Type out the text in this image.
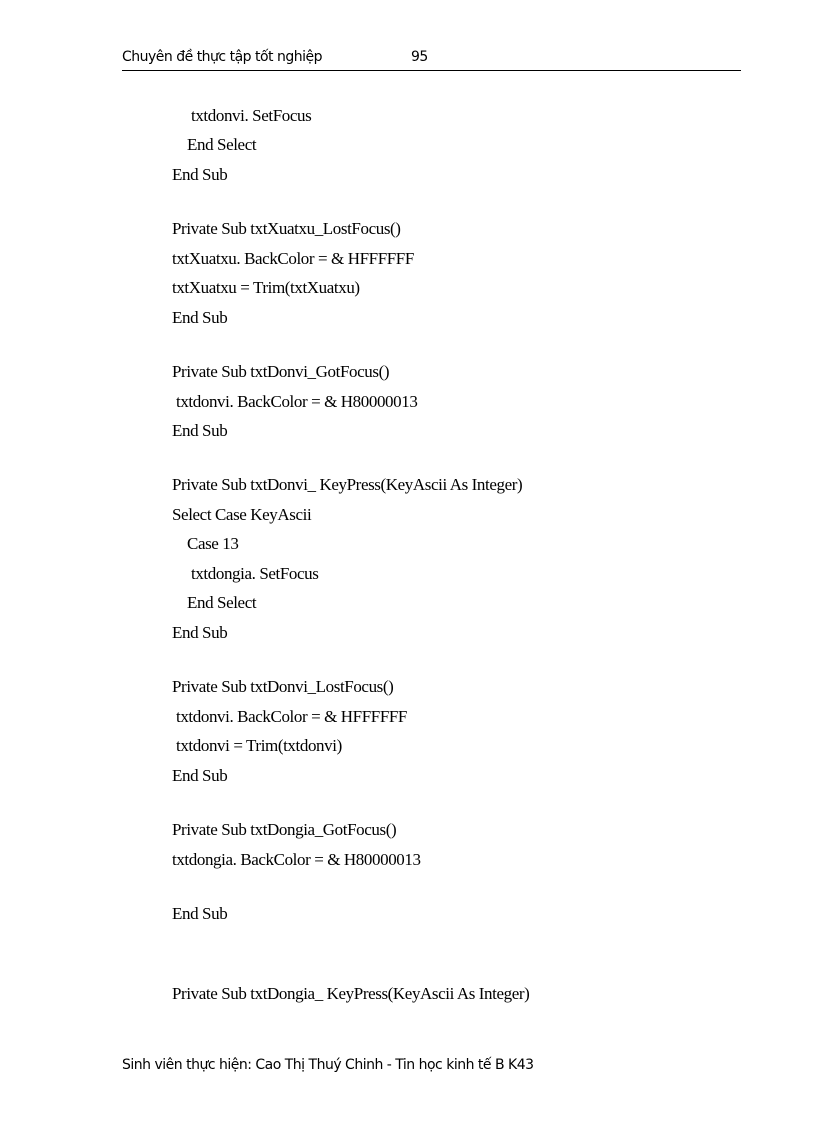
Chuyên đề thực tập tốt nghiệp	95
txtdonvi. SetFocus
End Select
End Sub
Private Sub txtXuatxu_LostFocus()
txtXuatxu. BackColor = & HFFFFFF
txtXuatxu = Trim(txtXuatxu)
End Sub
Private Sub txtDonvi_GotFocus()
txtdonvi. BackColor = & H80000013
End Sub
Private Sub txtDonvi_ KeyPress(KeyAscii As Integer)
Select Case KeyAscii
Case 13
txtdongia. SetFocus
End Select
End Sub
Private Sub txtDonvi_LostFocus()
txtdonvi. BackColor = & HFFFFFF
txtdonvi = Trim(txtdonvi)
End Sub
Private Sub txtDongia_GotFocus()
txtdongia. BackColor = & H80000013
End Sub
Private Sub txtDongia_ KeyPress(KeyAscii As Integer)
Sinh viên thực hiện: Cao Thị Thuý Chinh - Tin học kinh tế B K43
